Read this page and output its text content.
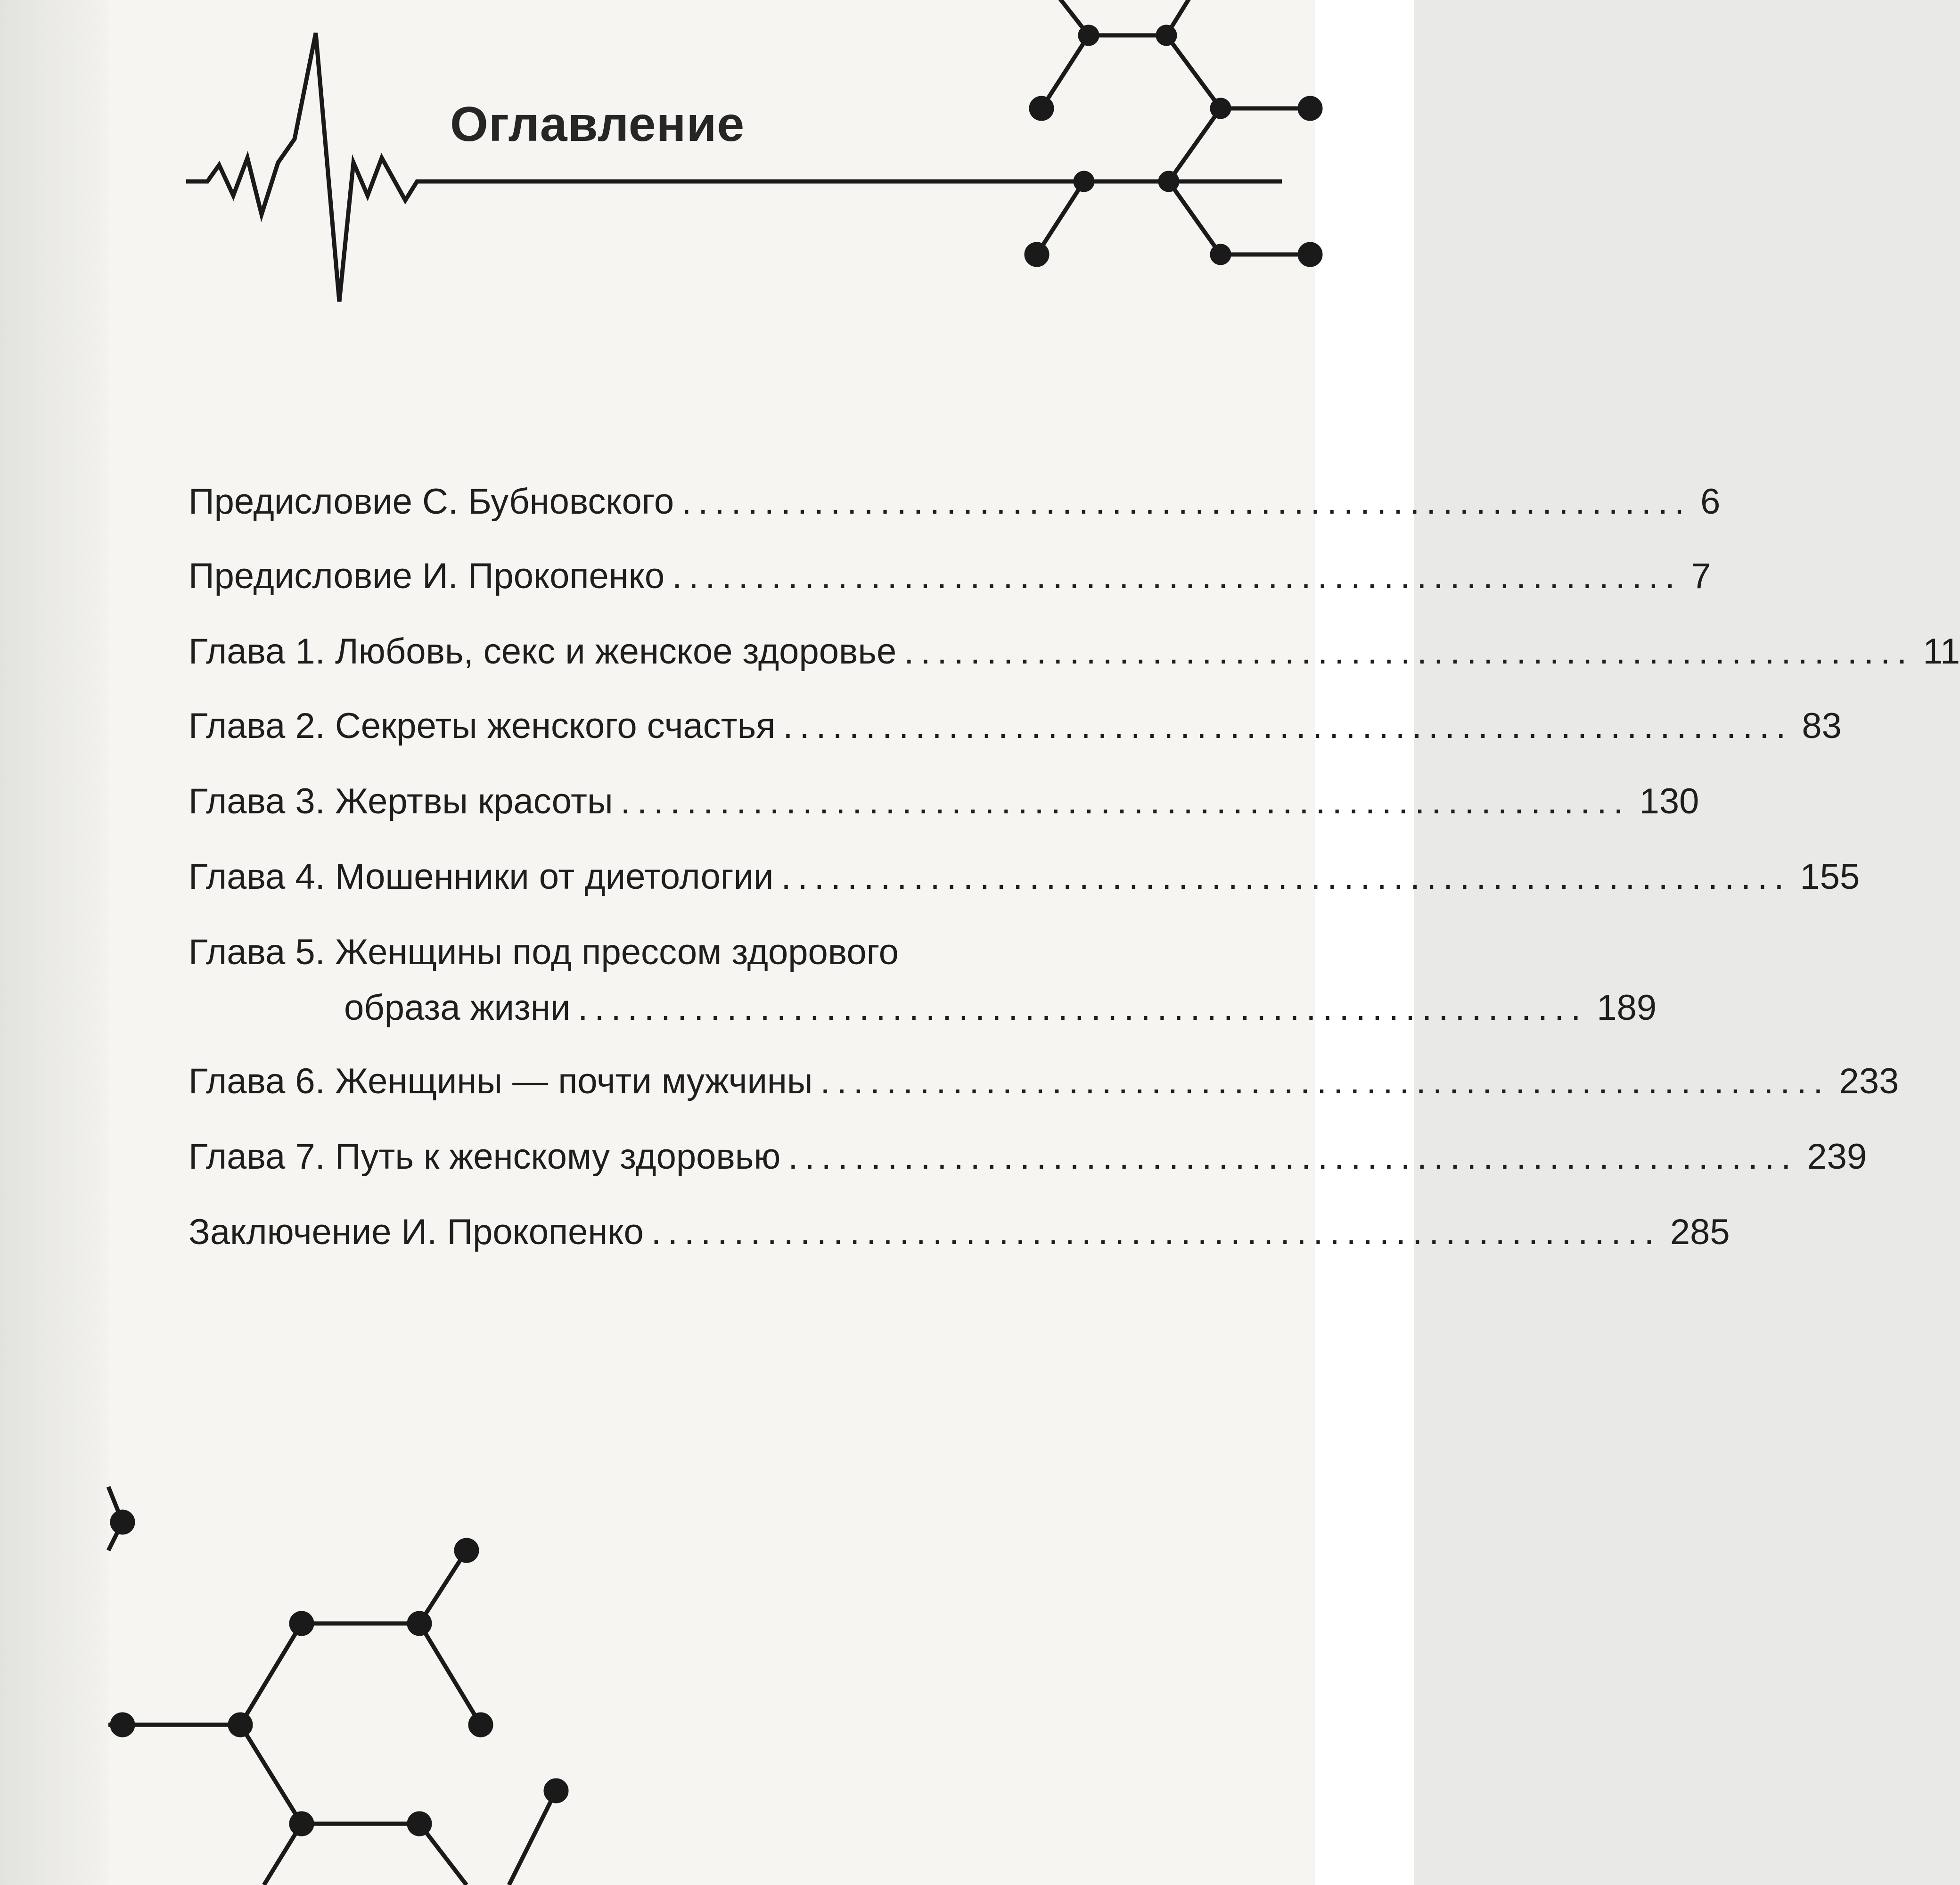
Оглавление
Предисловие С. Бубновского ............................................................. 6
Предисловие И. Прокопенко ............................................................. 7
Глава 1. Любовь, секс и женское здоровье ............................................................. 11
Глава 2. Секреты женского счастья ............................................................. 83
Глава 3. Жертвы красоты ............................................................. 130
Глава 4. Мошенники от диетологии ............................................................. 155
Глава 5. Женщины под прессом здорового
образа жизни ............................................................. 189
Глава 6. Женщины — почти мужчины ............................................................. 233
Глава 7. Путь к женскому здоровью ............................................................. 239
Заключение И. Прокопенко ............................................................. 285
